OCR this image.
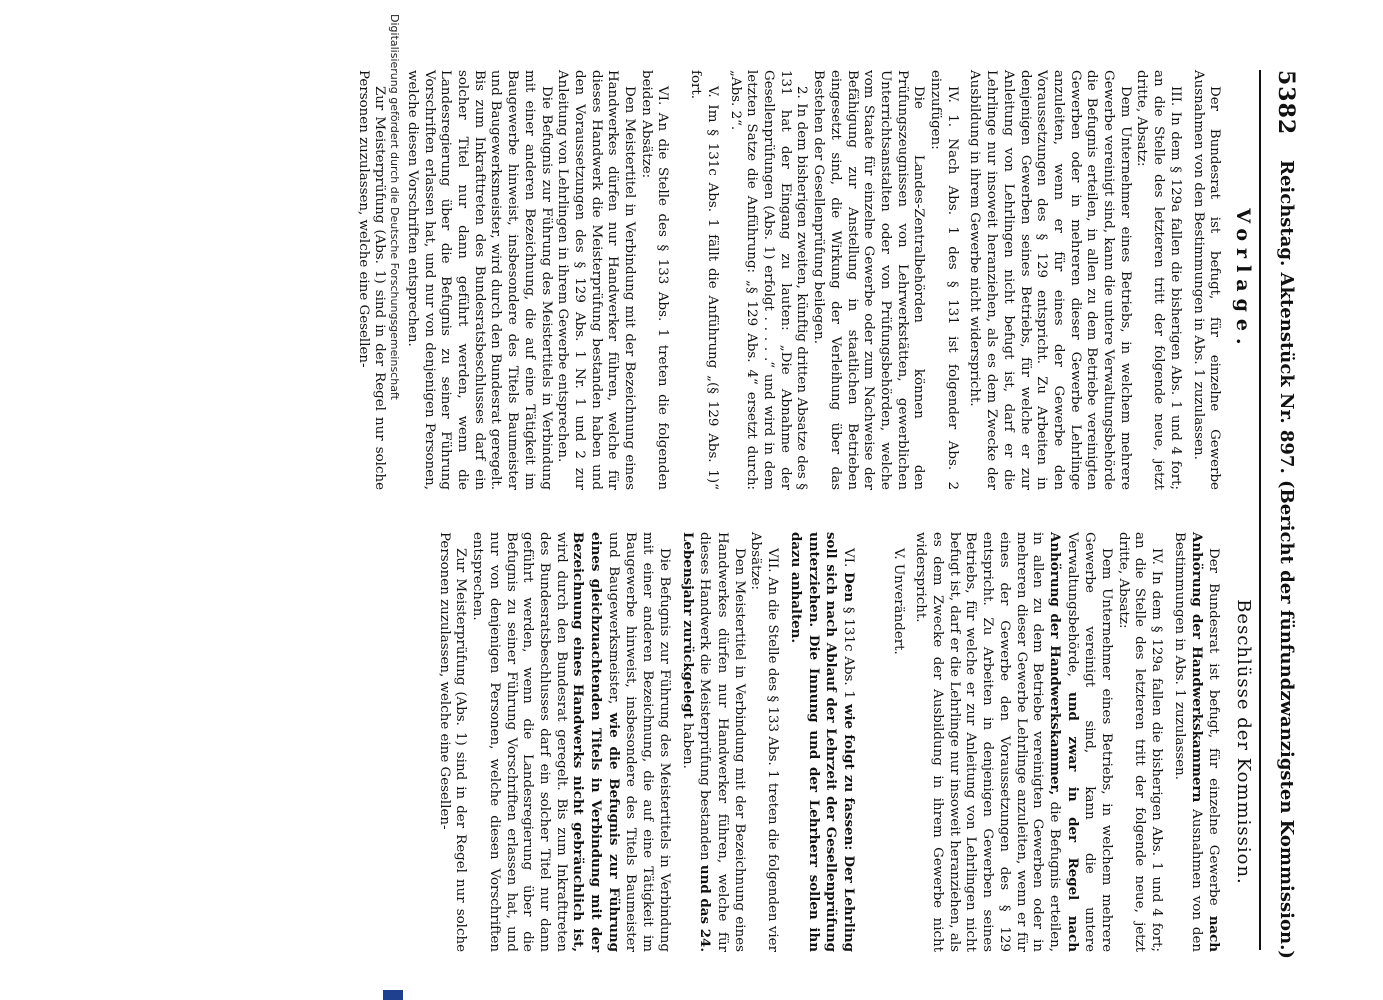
5382
Reichstag. Aktenstück Nr. 897. (Bericht der fünfundzwanzigsten Kommission.)
Vorlage.

Der Bundesrat ist befugt, für einzelne Gewerbe Ausnahmen von den Bestimmungen in Abs. 1 zuzulassen.

III. In dem § 129a fallen die bisherigen Abs. 1 und 4 fort; an die Stelle des letzteren tritt der folgende neue, jetzt dritte, Absatz:

Dem Unternehmer eines Betriebs, in welchem mehrere Gewerbe vereinigt sind, kann die untere Verwaltungsbehörde die Befugnis erteilen, in allen zu dem Betriebe vereinigten Gewerben oder in mehreren dieser Gewerbe Lehrlinge anzuleiten, wenn er für eines der Gewerbe den Voraussetzungen des § 129 entspricht. Zu Arbeiten in denjenigen Gewerben seines Betriebs, für welche er zur Anleitung von Lehrlingen nicht befugt ist, darf er die Lehrlinge nur insoweit heranziehen, als es dem Zwecke der Ausbildung in ihrem Gewerbe nicht widerspricht.

IV. 1. Nach Abs. 1 des § 131 ist folgender Abs. 2 einzufügen:

Die Landes-Zentralbehörden können den Prüfungszeugnissen von Lehrwerkstätten, gewerblichen Unterrichtsanstalten oder von Prüfungsbehörden, welche vom Staate für einzelne Gewerbe oder zum Nachweise der Befähigung zur Anstellung in staatlichen Betrieben eingesetzt sind, die Wirkung der Verleihung über das Bestehen der Gesellenprüfung beilegen.

2. In dem bisherigen zweiten, künftig dritten Absatze des § 131 hat der Eingang zu lauten: „Die Abnahme der Gesellenprüfungen (Abs. 1) erfolgt . . . . .“ und wird in dem letzten Satze die Anführung: „§ 129 Abs. 4“ ersetzt durch: „Abs. 2“.

V. Im § 131c Abs. 1 fällt die Anführung „(§ 129 Abs. 1)“ fort.

VI. An die Stelle des § 133 Abs. 1 treten die folgenden beiden Absätze:

Den Meistertitel in Verbindung mit der Bezeichnung eines Handwerkes dürfen nur Handwerker führen, welche für dieses Handwerk die Meisterprüfung bestanden haben und den Voraussetzungen des § 129 Abs. 1 Nr. 1 und 2 zur Anleitung von Lehrlingen in ihrem Gewerbe entsprechen.

Die Befugnis zur Führung des Meistertitels in Verbindung mit einer anderen Bezeichnung, die auf eine Tätigkeit im Baugewerbe hinweist, insbesondere des Titels Baumeister und Baugewerksmeister, wird durch den Bundesrat geregelt. Bis zum Inkrafttreten des Bundesratsbeschlusses darf ein solcher Titel nur dann geführt werden, wenn die Landesregierung über die Befugnis zu seiner Führung Vorschriften erlassen hat, und nur von denjenigen Personen, welche diesen Vorschriften entsprechen.

Zur Meisterprüfung (Abs. 1) sind in der Regel nur solche Personen zuzulassen, welche eine Gesellen-

Beschlüsse der Kommission.

Der Bundesrat ist befugt, für einzelne Gewerbe nach Anhörung der Handwerkskammern Ausnahmen von den Bestimmungen in Abs. 1 zuzulassen.

IV. In dem § 129a fallen die bisherigen Abs. 1 und 4 fort; an die Stelle des letzteren tritt der folgende neue, jetzt dritte, Absatz:

Dem Unternehmer eines Betriebs, in welchem mehrere Gewerbe vereinigt sind, kann die untere Verwaltungsbehörde, und zwar in der Regel nach Anhörung der Handwerkskammer, die Befugnis erteilen, in allen zu dem Betriebe vereinigten Gewerben oder in mehreren dieser Gewerbe Lehrlinge anzuleiten, wenn er für eines der Gewerbe den Voraussetzungen des § 129 entspricht. Zu Arbeiten in denjenigen Gewerben seines Betriebs, für welche er zur Anleitung von Lehrlingen nicht befugt ist, darf er die Lehrlinge nur insoweit heranziehen, als es dem Zwecke der Ausbildung in ihrem Gewerbe nicht widerspricht.

V. Unverändert.

VI. Den § 131c Abs. 1 wie folgt zu fassen: Der Lehrling soll sich nach Ablauf der Lehrzeit der Gesellenprüfung unterziehen. Die Innung und der Lehrherr sollen ihn dazu anhalten.

VII. An die Stelle des § 133 Abs. 1 treten die folgenden vier Absätze:

Den Meistertitel in Verbindung mit der Bezeichnung eines Handwerkes dürfen nur Handwerker führen, welche für dieses Handwerk die Meisterprüfung bestanden und das 24. Lebensjahr zurückgelegt haben.

Die Befugnis zur Führung des Meistertitels in Verbindung mit einer anderen Bezeichnung, die auf eine Tätigkeit im Baugewerbe hinweist, insbesondere des Titels Baumeister und Baugewerksmeister, wie die Befugnis zur Führung eines gleichzuachtenden Titels in Verbindung mit der Bezeichnung eines Handwerks nicht gebräuchlich ist, wird durch den Bundesrat geregelt. Bis zum Inkrafttreten des Bundesratsbeschlusses darf ein solcher Titel nur dann geführt werden, wenn die Landesregierung über die Befugnis zu seiner Führung Vorschriften erlassen hat, und nur von denjenigen Personen, welche diesen Vorschriften entsprechen.

Zur Meisterprüfung (Abs. 1) sind in der Regel nur solche Personen zuzulassen, welche eine Gesellen-

Digitalisierung gefördert durch die Deutsche Forschungsgemeinschaft
